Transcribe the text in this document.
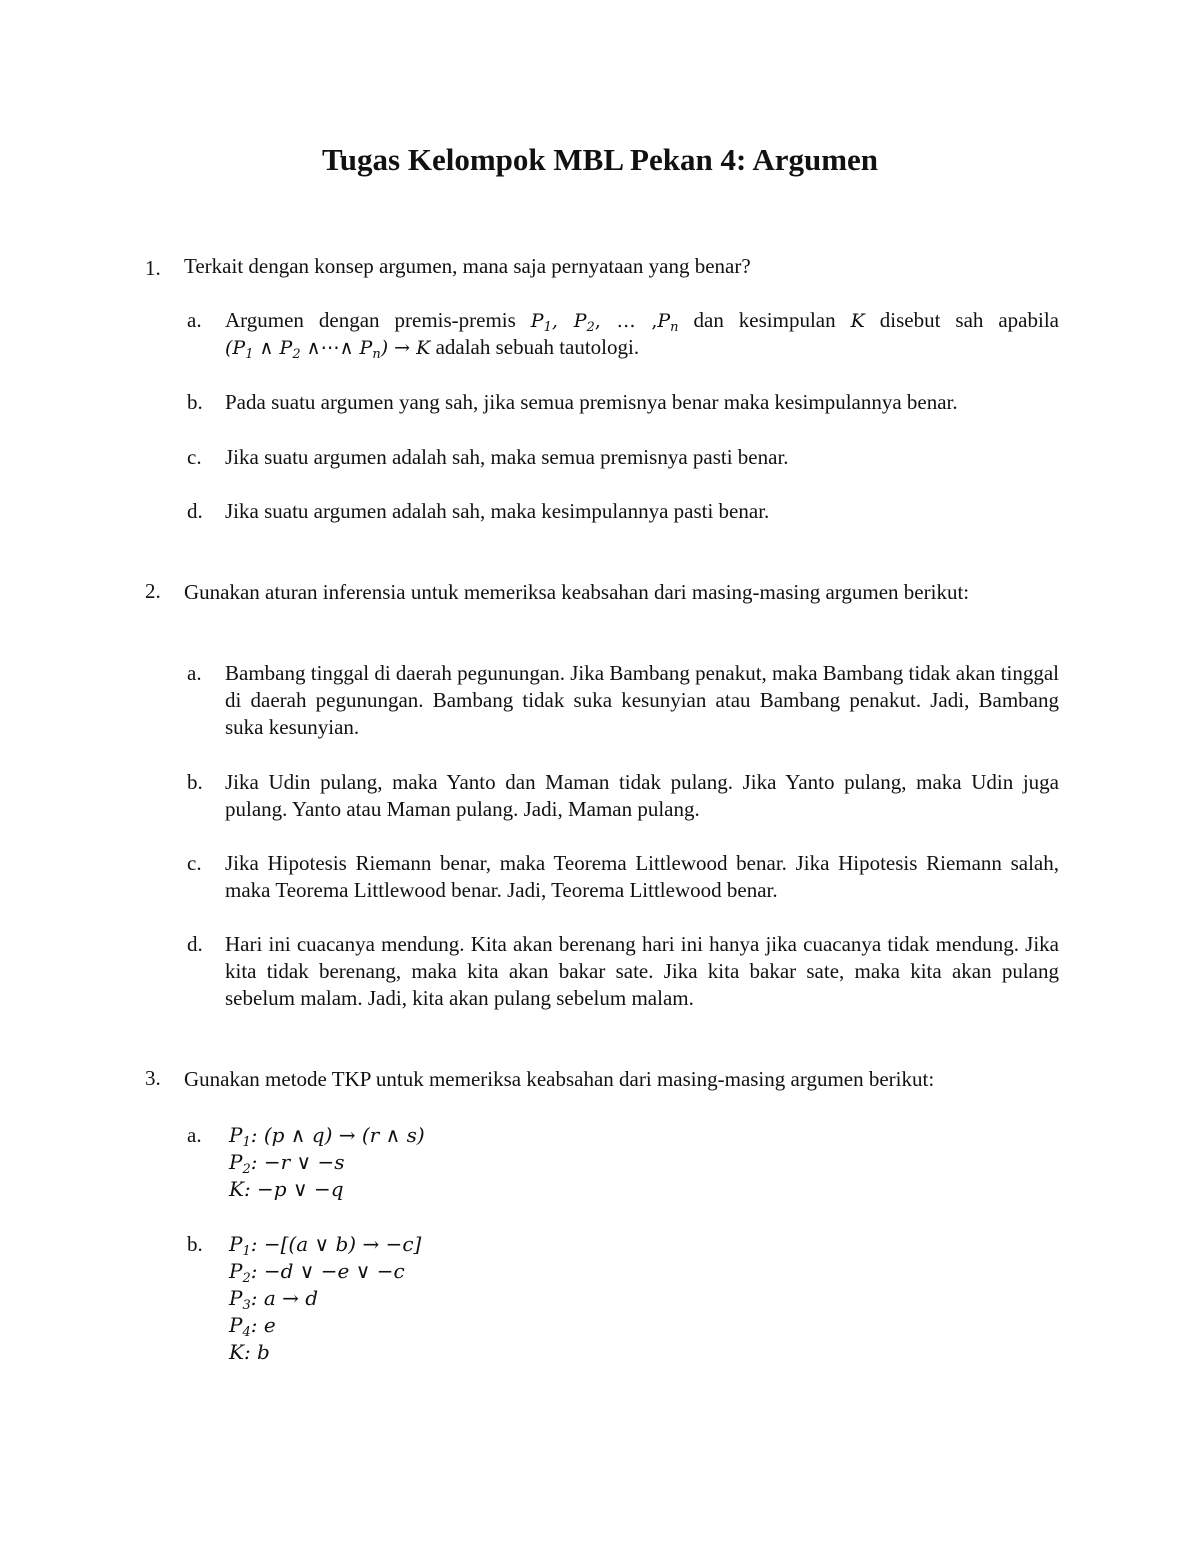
Tugas Kelompok MBL Pekan 4: Argumen
1. Terkait dengan konsep argumen, mana saja pernyataan yang benar?
a. Argumen dengan premis-premis $P_1$, $P_2$, … $,P_n$ dan kesimpulan K disebut sah apabila
($P_1$ ∧ $P_2$ ∧⋯∧ $P_n) \to K$ adalah sebuah tautologi.
b. Pada suatu argumen yang sah, jika semua premisnya benar maka kesimpulannya benar.
c. Jika suatu argumen adalah sah, maka semua premisnya pasti benar.
d. Jika suatu argumen adalah sah, maka kesimpulannya pasti benar.
2. Gunakan aturan inferensia untuk memeriksa keabsahan dari masing-masing argumen berikut:
a. Bambang tinggal di daerah pegunungan. Jika Bambang penakut, maka Bambang tidak akan tinggal di daerah pegunungan. Bambang tidak suka kesunyian atau Bambang penakut. Jadi, Bambang suka kesunyian.
b. Jika Udin pulang, maka Yanto dan Maman tidak pulang. Jika Yanto pulang, maka Udin juga pulang. Yanto atau Maman pulang. Jadi, Maman pulang.
c. Jika Hipotesis Riemann benar, maka Teorema Littlewood benar. Jika Hipotesis Riemann salah, maka Teorema Littlewood benar. Jadi, Teorema Littlewood benar.
d. Hari ini cuacanya mendung. Kita akan berenang hari ini hanya jika cuacanya tidak mendung. Jika kita tidak berenang, maka kita akan bakar sate. Jika kita bakar sate, maka kita akan pulang sebelum malam. Jadi, kita akan pulang sebelum malam.
3. Gunakan metode TKP untuk memeriksa keabsahan dari masing-masing argumen berikut:
a. $P_1$: (p ∧ q) → (r ∧ s)
$P_2$: −r ∨ −s
K: −p ∨ −q
b. $P_1$: −[(a ∨ b) → −c]
$P_2$: −d ∨ −e ∨ −c
$P_3$: a → d
$P_4$: e
K: b
